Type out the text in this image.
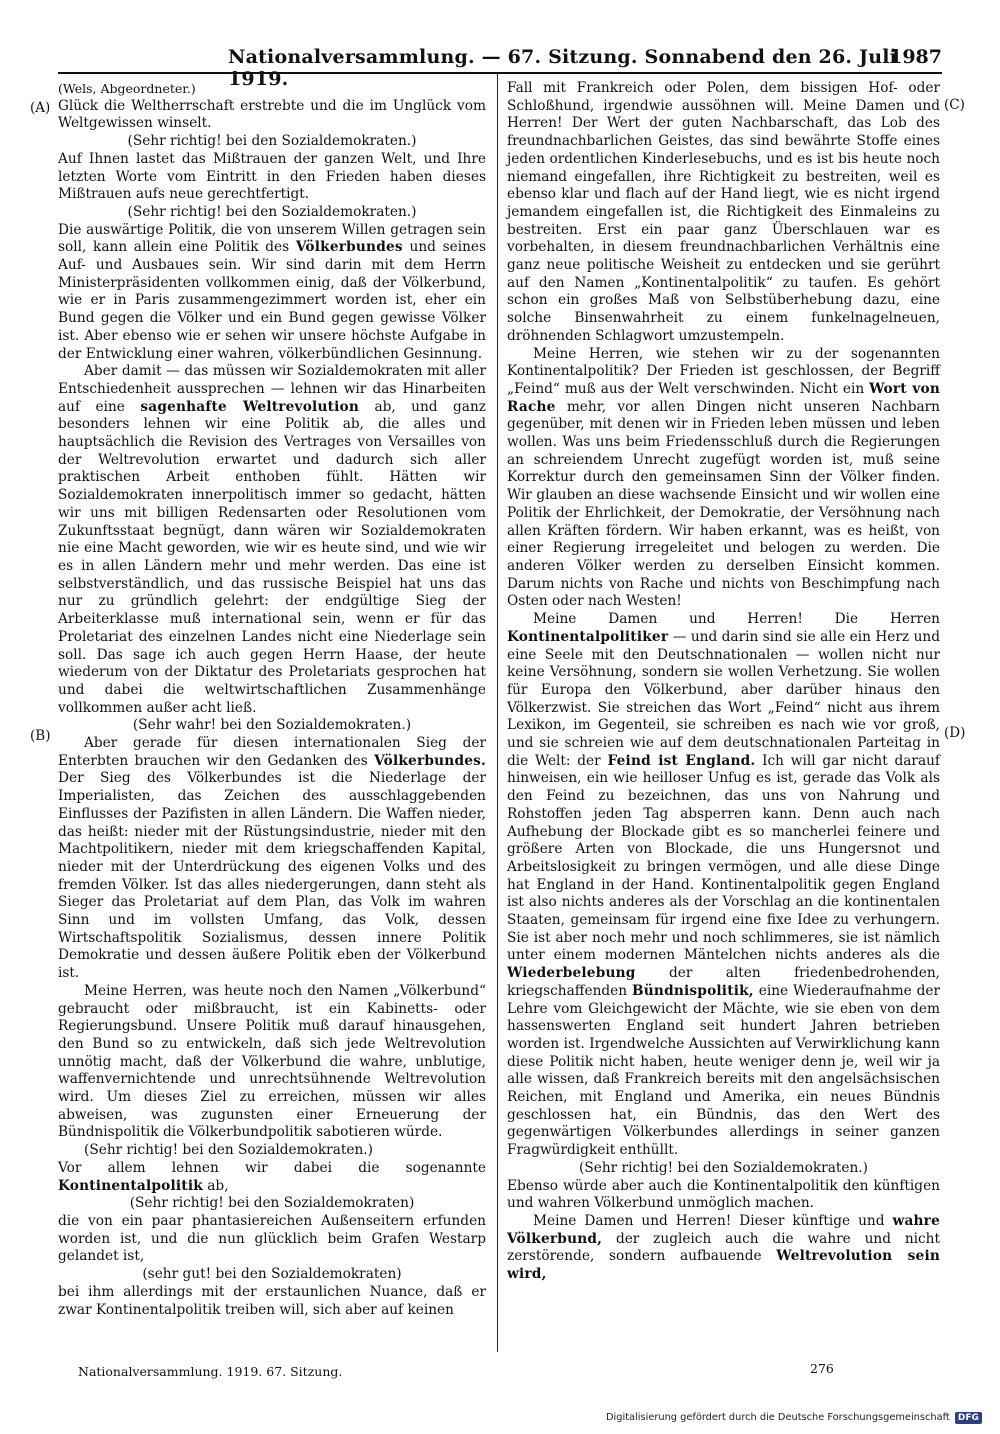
Nationalversammlung. — 67. Sitzung. Sonnabend den 26. Juli 1919.
1987
(A)
(B)
(C)
(D)

(Wels, Abgeordneter.)

Glück die Weltherrschaft erstrebte und die im Unglück vom Weltgewissen winselt.

(Sehr richtig! bei den Sozialdemokraten.)

Auf Ihnen lastet das Mißtrauen der ganzen Welt, und Ihre letzten Worte vom Eintritt in den Frieden haben dieses Mißtrauen aufs neue gerechtfertigt.

(Sehr richtig! bei den Sozialdemokraten.)

Die auswärtige Politik, die von unserem Willen getragen sein soll, kann allein eine Politik des Völkerbundes und seines Auf- und Ausbaues sein. Wir sind darin mit dem Herrn Ministerpräsidenten vollkommen einig, daß der Völkerbund, wie er in Paris zusammengezimmert worden ist, eher ein Bund gegen die Völker und ein Bund gegen gewisse Völker ist. Aber ebenso wie er sehen wir unsere höchste Aufgabe in der Entwicklung einer wahren, völkerbündlichen Gesinnung.

Aber damit — das müssen wir Sozialdemokraten mit aller Entschiedenheit aussprechen — lehnen wir das Hinarbeiten auf eine sagenhafte Weltrevolution ab, und ganz besonders lehnen wir eine Politik ab, die alles und hauptsächlich die Revision des Vertrages von Versailles von der Weltrevolution erwartet und dadurch sich aller praktischen Arbeit enthoben fühlt. Hätten wir Sozialdemokraten innerpolitisch immer so gedacht, hätten wir uns mit billigen Redensarten oder Resolutionen vom Zukunftsstaat begnügt, dann wären wir Sozialdemokraten nie eine Macht geworden, wie wir es heute sind, und wie wir es in allen Ländern mehr und mehr werden. Das eine ist selbstverständlich, und das russische Beispiel hat uns das nur zu gründlich gelehrt: der endgültige Sieg der Arbeiterklasse muß international sein, wenn er für das Proletariat des einzelnen Landes nicht eine Niederlage sein soll. Das sage ich auch gegen Herrn Haase, der heute wiederum von der Diktatur des Proletariats gesprochen hat und dabei die weltwirtschaftlichen Zusammenhänge vollkommen außer acht ließ.

(Sehr wahr! bei den Sozialdemokraten.)

Aber gerade für diesen internationalen Sieg der Enterbten brauchen wir den Gedanken des Völkerbundes. Der Sieg des Völkerbundes ist die Niederlage der Imperialisten, das Zeichen des ausschlaggebenden Einflusses der Pazifisten in allen Ländern. Die Waffen nieder, das heißt: nieder mit der Rüstungsindustrie, nieder mit den Machtpolitikern, nieder mit dem kriegschaffenden Kapital, nieder mit der Unterdrückung des eigenen Volks und des fremden Völker. Ist das alles niedergerungen, dann steht als Sieger das Proletariat auf dem Plan, das Volk im wahren Sinn und im vollsten Umfang, das Volk, dessen Wirtschaftspolitik Sozialismus, dessen innere Politik Demokratie und dessen äußere Politik eben der Völkerbund ist.

Meine Herren, was heute noch den Namen „Völkerbund“ gebraucht oder mißbraucht, ist ein Kabinetts- oder Regierungsbund. Unsere Politik muß darauf hinausgehen, den Bund so zu entwickeln, daß sich jede Weltrevolution unnötig macht, daß der Völkerbund die wahre, unblutige, waffenvernichtende und unrechtsühnende Weltrevolution wird. Um dieses Ziel zu erreichen, müssen wir alles abweisen, was zugunsten einer Erneuerung der Bündnispolitik die Völkerbundpolitik sabotieren würde.

(Sehr richtig! bei den Sozialdemokraten.)

Vor allem lehnen wir dabei die sogenannte Kontinentalpolitik ab,

(Sehr richtig! bei den Sozialdemokraten)

die von ein paar phantasiereichen Außenseitern erfunden worden ist, und die nun glücklich beim Grafen Westarp gelandet ist,

(sehr gut! bei den Sozialdemokraten)

bei ihm allerdings mit der erstaunlichen Nuance, daß er zwar Kontinentalpolitik treiben will, sich aber auf keinen

Fall mit Frankreich oder Polen, dem bissigen Hof- oder Schloßhund, irgendwie aussöhnen will. Meine Damen und Herren! Der Wert der guten Nachbarschaft, das Lob des freundnachbarlichen Geistes, das sind bewährte Stoffe eines jeden ordentlichen Kinderlesebuchs, und es ist bis heute noch niemand eingefallen, ihre Richtigkeit zu bestreiten, weil es ebenso klar und flach auf der Hand liegt, wie es nicht irgend jemandem eingefallen ist, die Richtigkeit des Einmaleins zu bestreiten. Erst ein paar ganz Überschlauen war es vorbehalten, in diesem freundnachbarlichen Verhältnis eine ganz neue politische Weisheit zu entdecken und sie gerührt auf den Namen „Kontinentalpolitik“ zu taufen. Es gehört schon ein großes Maß von Selbstüberhebung dazu, eine solche Binsenwahrheit zu einem funkelnagelneuen, dröhnenden Schlagwort umzustempeln.

Meine Herren, wie stehen wir zu der sogenannten Kontinentalpolitik? Der Frieden ist geschlossen, der Begriff „Feind“ muß aus der Welt verschwinden. Nicht ein Wort von Rache mehr, vor allen Dingen nicht unseren Nachbarn gegenüber, mit denen wir in Frieden leben müssen und leben wollen. Was uns beim Friedensschluß durch die Regierungen an schreiendem Unrecht zugefügt worden ist, muß seine Korrektur durch den gemeinsamen Sinn der Völker finden. Wir glauben an diese wachsende Einsicht und wir wollen eine Politik der Ehrlichkeit, der Demokratie, der Versöhnung nach allen Kräften fördern. Wir haben erkannt, was es heißt, von einer Regierung irregeleitet und belogen zu werden. Die anderen Völker werden zu derselben Einsicht kommen. Darum nichts von Rache und nichts von Beschimpfung nach Osten oder nach Westen!

Meine Damen und Herren! Die Herren Kontinentalpolitiker — und darin sind sie alle ein Herz und eine Seele mit den Deutschnationalen — wollen nicht nur keine Versöhnung, sondern sie wollen Verhetzung. Sie wollen für Europa den Völkerbund, aber darüber hinaus den Völkerzwist. Sie streichen das Wort „Feind“ nicht aus ihrem Lexikon, im Gegenteil, sie schreiben es nach wie vor groß, und sie schreien wie auf dem deutschnationalen Parteitag in die Welt: der Feind ist England. Ich will gar nicht darauf hinweisen, ein wie heilloser Unfug es ist, gerade das Volk als den Feind zu bezeichnen, das uns von Nahrung und Rohstoffen jeden Tag absperren kann. Denn auch nach Aufhebung der Blockade gibt es so mancherlei feinere und größere Arten von Blockade, die uns Hungersnot und Arbeitslosigkeit zu bringen vermögen, und alle diese Dinge hat England in der Hand. Kontinentalpolitik gegen England ist also nichts anderes als der Vorschlag an die kontinentalen Staaten, gemeinsam für irgend eine fixe Idee zu verhungern. Sie ist aber noch mehr und noch schlimmeres, sie ist nämlich unter einem modernen Mäntelchen nichts anderes als die Wiederbelebung der alten friedenbedrohenden, kriegschaffenden Bündnispolitik, eine Wiederaufnahme der Lehre vom Gleichgewicht der Mächte, wie sie eben von dem hassenswerten England seit hundert Jahren betrieben worden ist. Irgendwelche Aussichten auf Verwirklichung kann diese Politik nicht haben, heute weniger denn je, weil wir ja alle wissen, daß Frankreich bereits mit den angelsächsischen Reichen, mit England und Amerika, ein neues Bündnis geschlossen hat, ein Bündnis, das den Wert des gegenwärtigen Völkerbundes allerdings in seiner ganzen Fragwürdigkeit enthüllt.

(Sehr richtig! bei den Sozialdemokraten.)

Ebenso würde aber auch die Kontinentalpolitik den künftigen und wahren Völkerbund unmöglich machen.

Meine Damen und Herren! Dieser künftige und wahre Völkerbund, der zugleich auch die wahre und nicht zerstörende, sondern aufbauende Weltrevolution sein wird,

Nationalversammlung. 1919. 67. Sitzung.	276
Digitalisierung gefördert durch die Deutsche Forschungsgemeinschaft DFG
